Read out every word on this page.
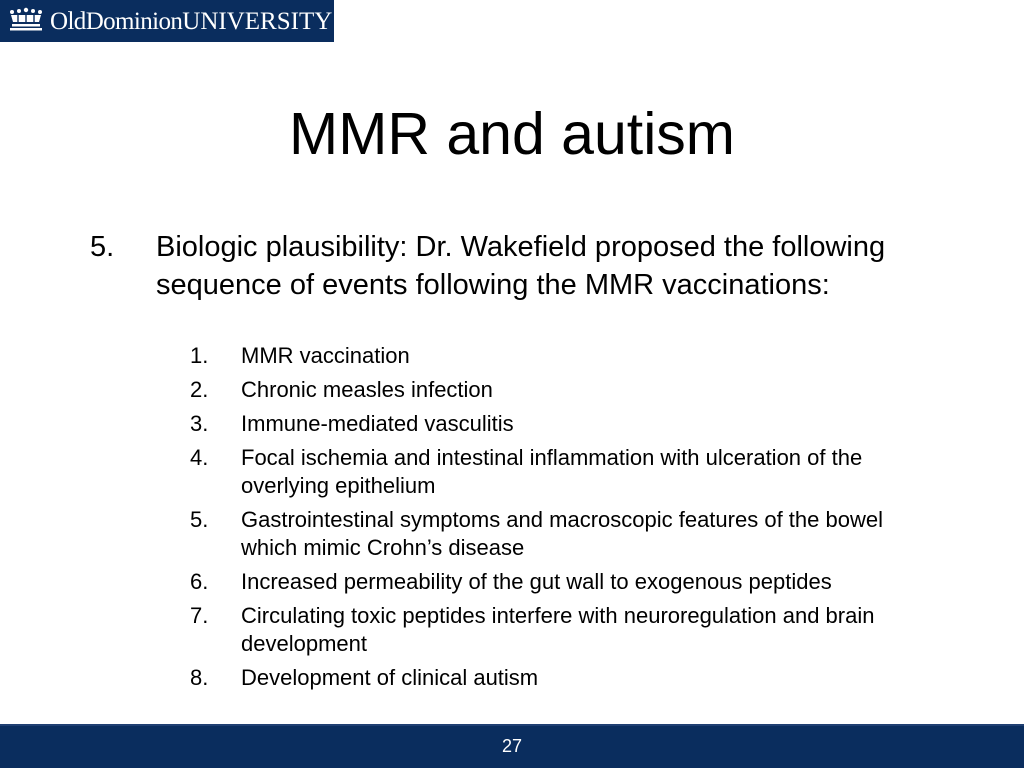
OldDominionUNIVERSITY
MMR and autism
5. Biologic plausibility: Dr. Wakefield proposed the following sequence of events following the MMR vaccinations:
1. MMR vaccination
2. Chronic measles infection
3. Immune-mediated vasculitis
4. Focal ischemia and intestinal inflammation with ulceration of the overlying epithelium
5. Gastrointestinal symptoms and macroscopic features of the bowel which mimic Crohn’s disease
6. Increased permeability of the gut wall to exogenous peptides
7. Circulating toxic peptides interfere with neuroregulation and brain development
8. Development of clinical autism
27
